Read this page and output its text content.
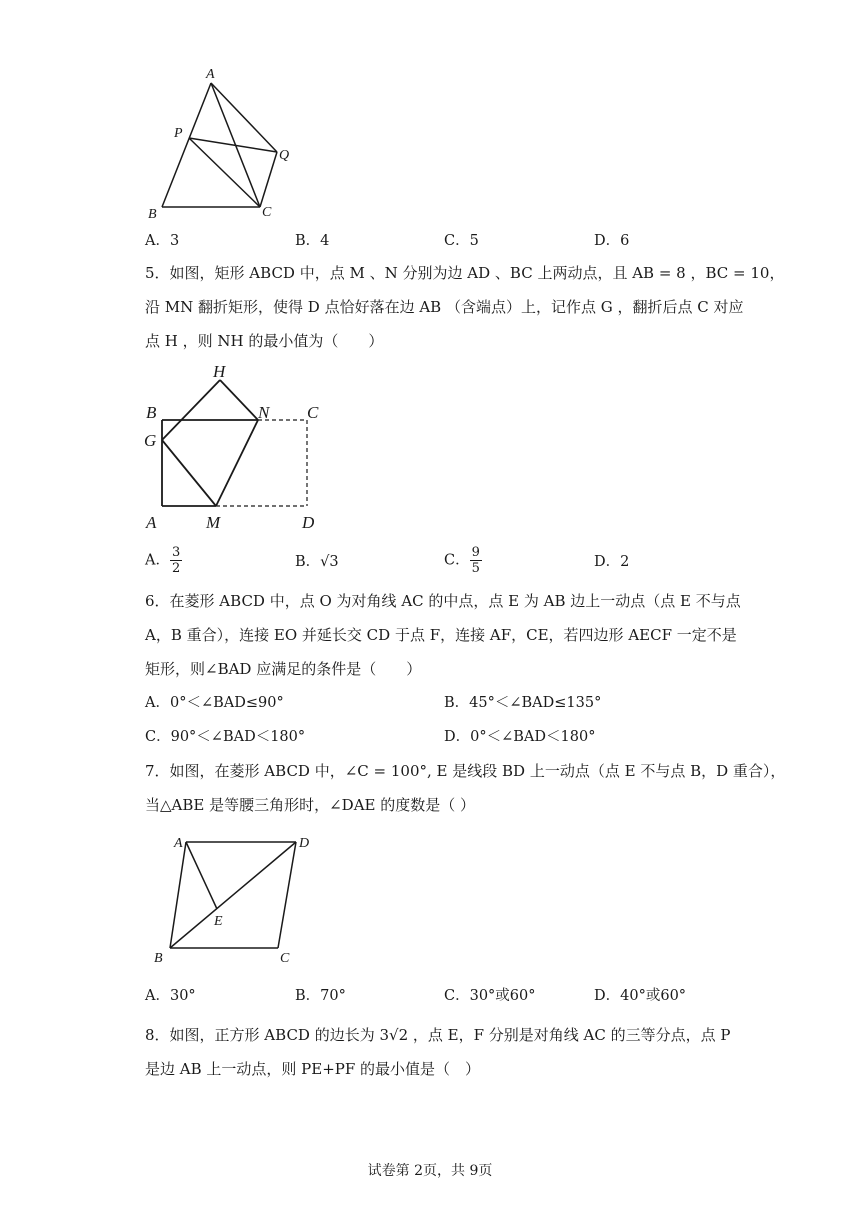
A
P
Q
B	C
A．3	B．4	C．5	D．6
5．如图，矩形 ABCD 中，点 M 、N 分别为边 AD 、BC 上两动点，且 AB = 8 ，BC = 10，
沿 MN 翻折矩形，使得 D 点恰好落在边 AB （含端点）上，记作点 G ，翻折后点 C 对应
点 H ，则 NH 的最小值为（　　）
H
B	N C
G
A	M	D
A． $\frac{3}{2}$	B．√3	C． $\frac{9}{5}$	D．2
6．在菱形 ABCD 中，点 O 为对角线 AC 的中点，点 E 为 AB 边上一动点（点 E 不与点
A，B 重合），连接 EO 并延长交 CD 于点 F，连接 AF，CE，若四边形 AECF 一定不是
矩形，则∠BAD 应满足的条件是（　　）
A．0°＜∠BAD≤90°	B．45°＜∠BAD≤135°
C．90°＜∠BAD＜180°	D．0°＜∠BAD＜180°
7．如图，在菱形 ABCD 中，∠C = 100°, E 是线段 BD 上一动点（点 E 不与点 B，D 重合），
当△ABE 是等腰三角形时，∠DAE 的度数是（ ）
A	D
E
B	C
A．30°	B．70°	C．30°或60°	D．40°或60°
8．如图，正方形 ABCD 的边长为 3√2 ，点 E，F 分别是对角线 AC 的三等分点，点 P
是边 AB 上一动点，则 PE+PF 的最小值是（　）
试卷第 2页，共 9页
